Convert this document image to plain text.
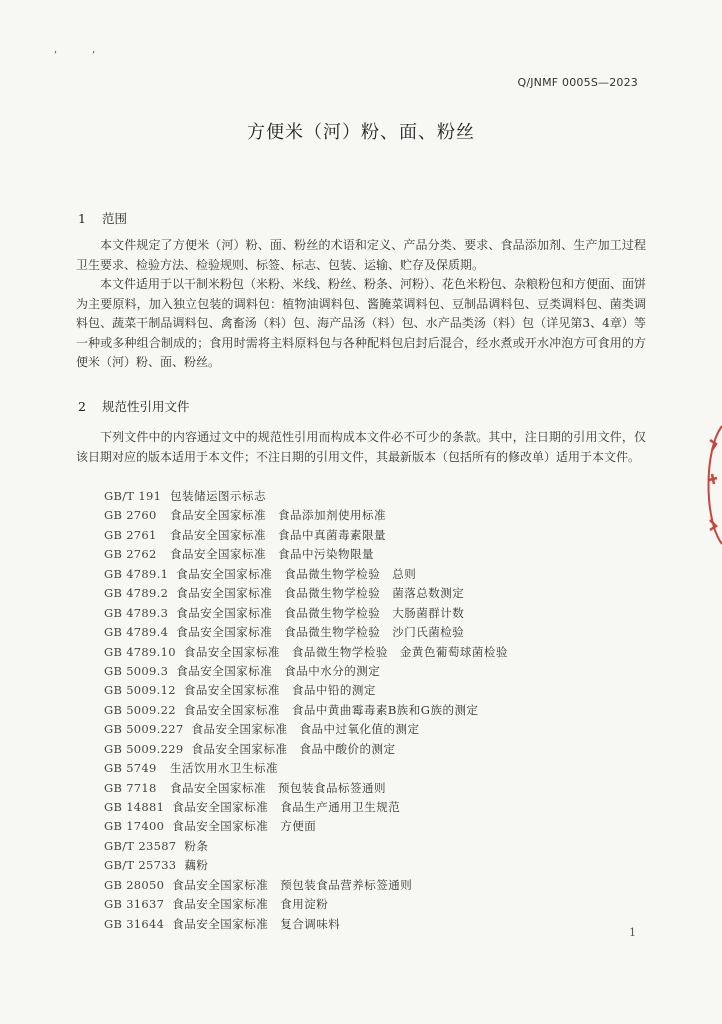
,           ,
Q/JNMF 0005S—2023
方便米（河）粉、面、粉丝
1 范围

本文件规定了方便米（河）粉、面、粉丝的术语和定义、产品分类、要求、食品添加剂、生产加工过程卫生要求、检验方法、检验规则、标签、标志、包装、运输、贮存及保质期。

本文件适用于以干制米粉包（米粉、米线、粉丝、粉条、河粉）、花色米粉包、杂粮粉包和方便面、面饼为主要原料，加入独立包装的调料包：植物油调料包、酱腌菜调料包、豆制品调料包、豆类调料包、菌类调料包、蔬菜干制品调料包、禽畜汤（料）包、海产品汤（料）包、水产品类汤（料）包（详见第3、4章）等一种或多种组合制成的；食用时需将主料原料包与各种配料包启封后混合，经水煮或开水冲泡方可食用的方便米（河）粉、面、粉丝。

2 规范性引用文件

下列文件中的内容通过文中的规范性引用而构成本文件必不可少的条款。其中，注日期的引用文件，仅该日期对应的版本适用于本文件；不注日期的引用文件，其最新版本（包括所有的修改单）适用于本文件。

GB/T 191 包装储运图示标志
GB 2760 食品安全国家标准　食品添加剂使用标准
GB 2761 食品安全国家标准　食品中真菌毒素限量
GB 2762 食品安全国家标准　食品中污染物限量
GB 4789.1 食品安全国家标准　食品微生物学检验　总则
GB 4789.2 食品安全国家标准　食品微生物学检验　菌落总数测定
GB 4789.3 食品安全国家标准　食品微生物学检验　大肠菌群计数
GB 4789.4 食品安全国家标准　食品微生物学检验　沙门氏菌检验
GB 4789.10 食品安全国家标准　食品微生物学检验　金黄色葡萄球菌检验
GB 5009.3 食品安全国家标准　食品中水分的测定
GB 5009.12 食品安全国家标准　食品中铅的测定
GB 5009.22 食品安全国家标准　食品中黄曲霉毒素B族和G族的测定
GB 5009.227 食品安全国家标准　食品中过氧化值的测定
GB 5009.229 食品安全国家标准　食品中酸价的测定
GB 5749 生活饮用水卫生标准
GB 7718 食品安全国家标准　预包装食品标签通则
GB 14881 食品安全国家标准　食品生产通用卫生规范
GB 17400 食品安全国家标准　方便面
GB/T 23587 粉条
GB/T 25733 藕粉
GB 28050 食品安全国家标准　预包装食品营养标签通则
GB 31637 食品安全国家标准　食用淀粉
GB 31644 食品安全国家标准　复合调味料
1
